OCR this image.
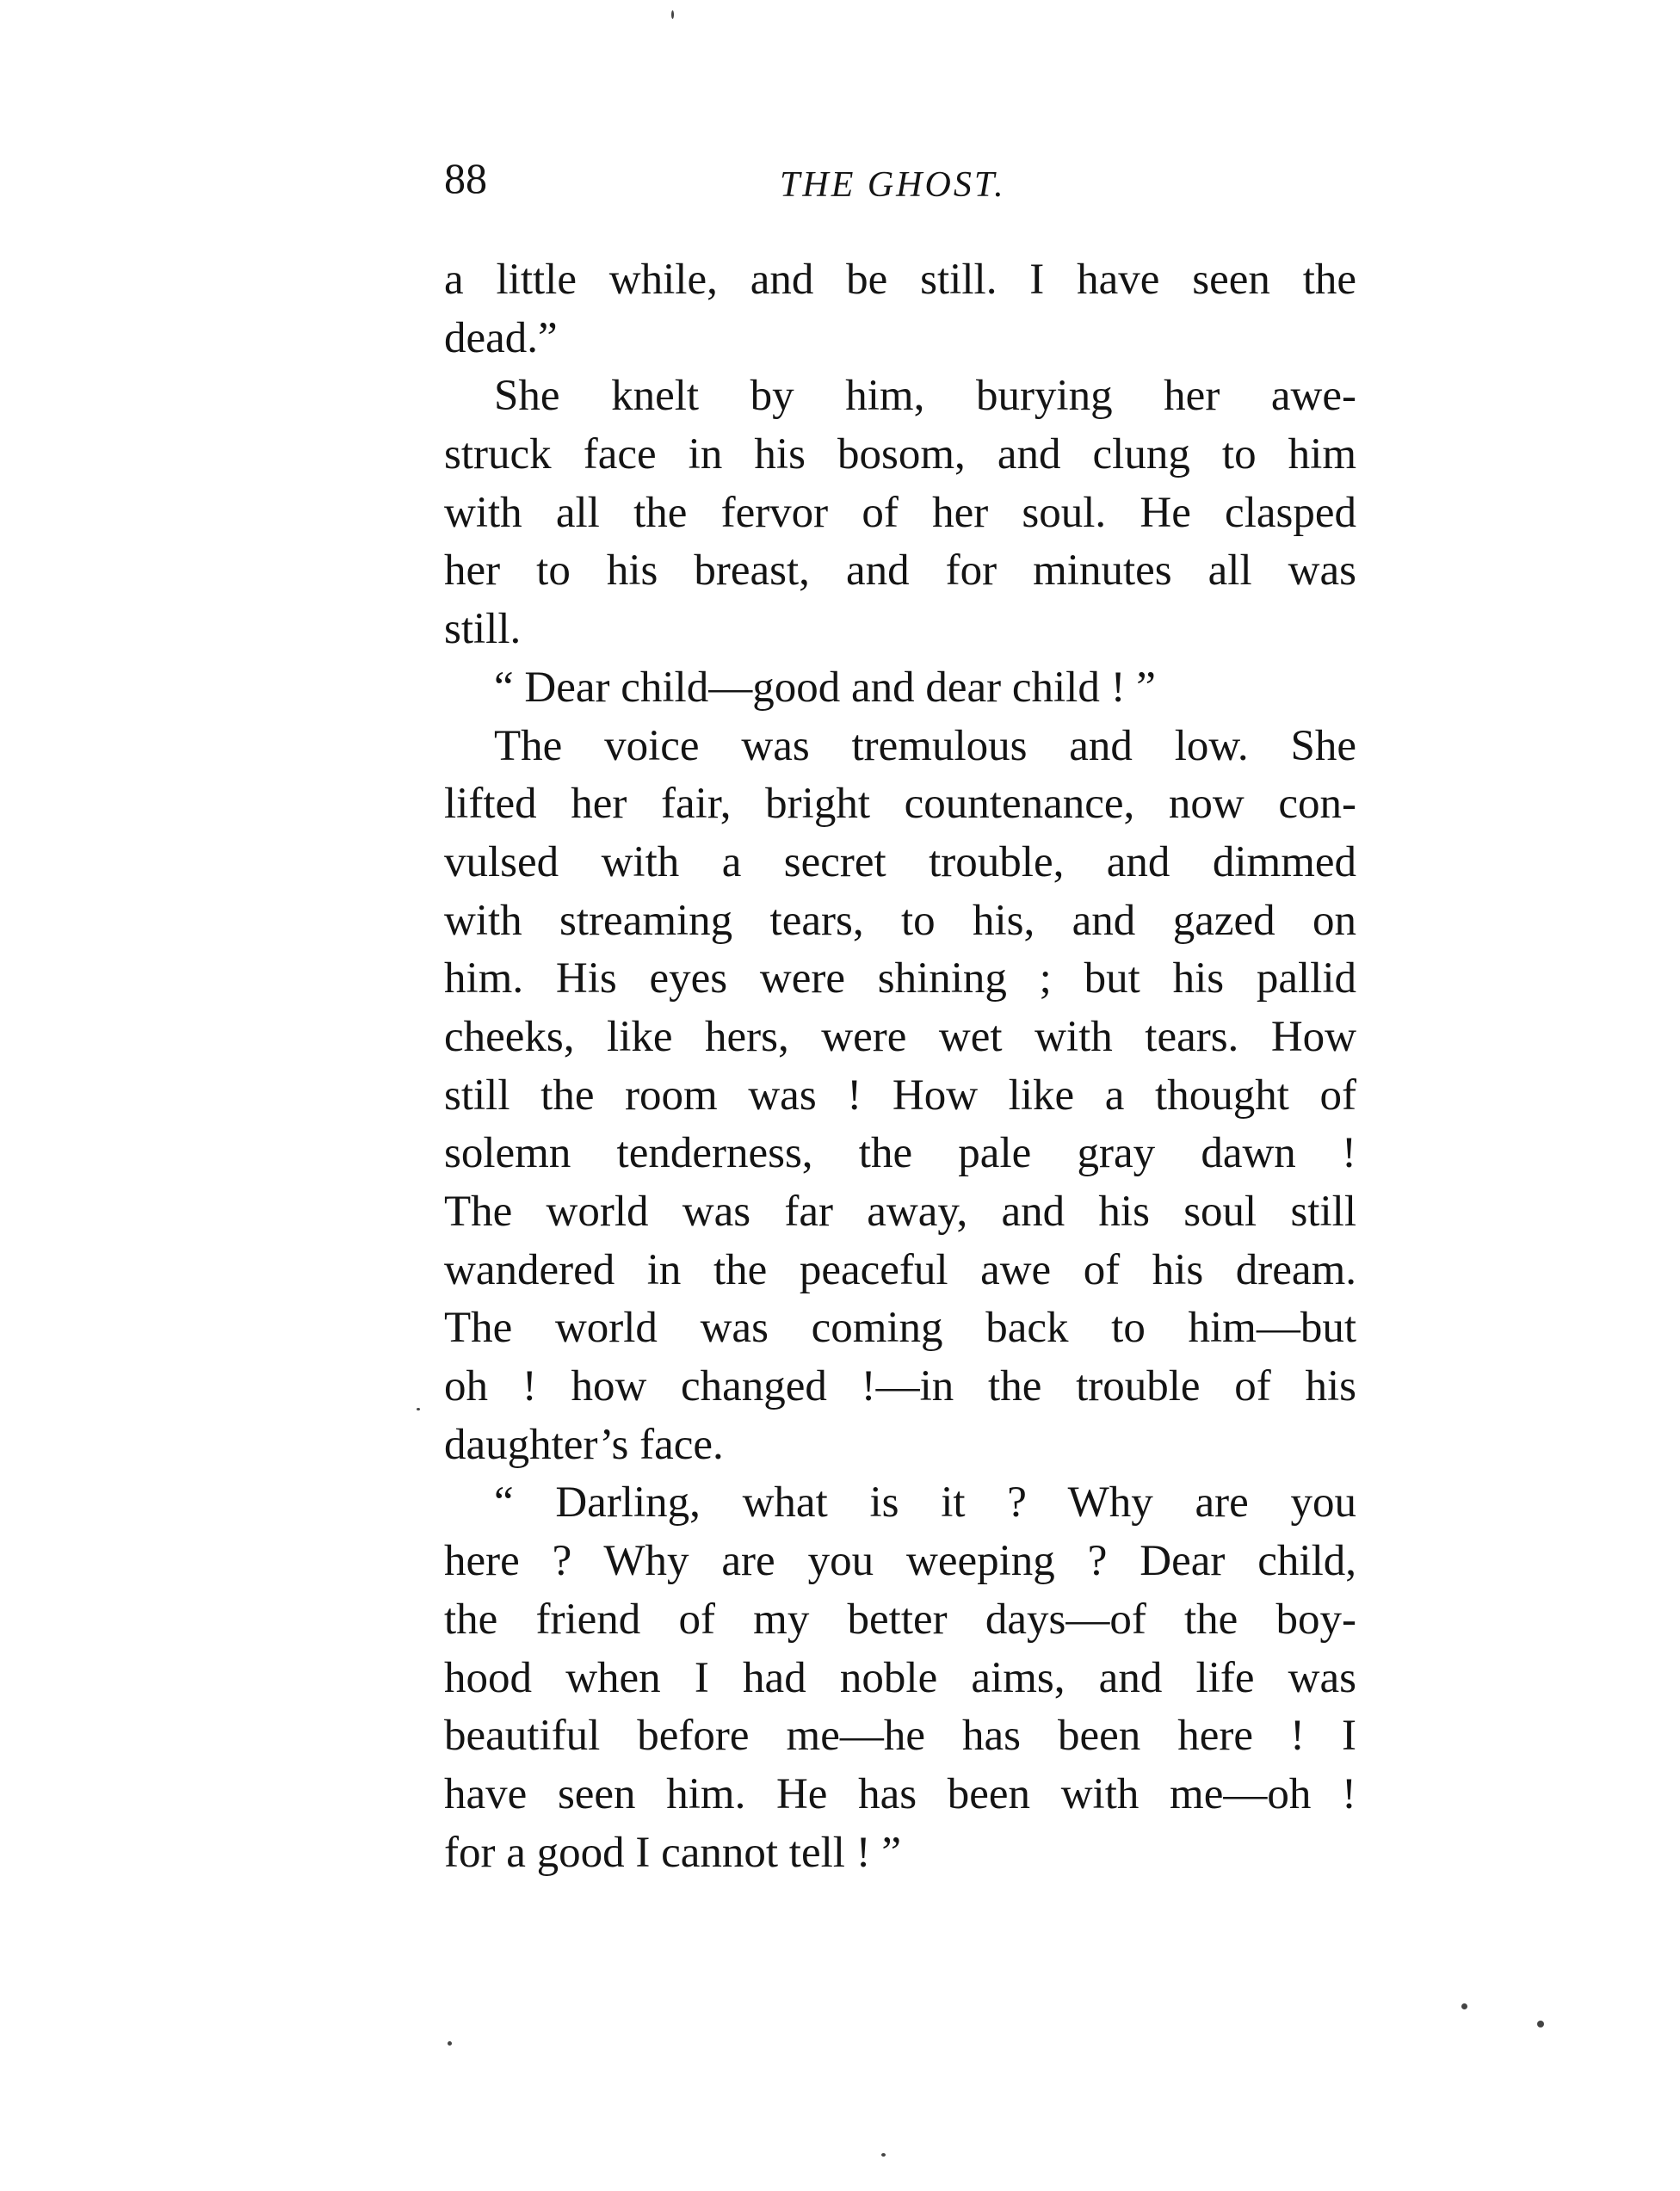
88	THE GHOST.
a little while, and be still. I have seen the
dead.”
She knelt by him, burying her awe-
struck face in his bosom, and clung to him
with all the fervor of her soul. He clasped
her to his breast, and for minutes all was
still.
“ Dear child—good and dear child ! ”
The voice was tremulous and low. She
lifted her fair, bright countenance, now con-
vulsed with a secret trouble, and dimmed
with streaming tears, to his, and gazed on
him. His eyes were shining ; but his pallid
cheeks, like hers, were wet with tears. How
still the room was ! How like a thought of
solemn tenderness, the pale gray dawn !
The world was far away, and his soul still
wandered in the peaceful awe of his dream.
The world was coming back to him—but
oh ! how changed !—in the trouble of his
daughter’s face.
“ Darling, what is it ? Why are you
here ? Why are you weeping ? Dear child,
the friend of my better days—of the boy-
hood when I had noble aims, and life was
beautiful before me—he has been here ! I
have seen him. He has been with me—oh !
for a good I cannot tell ! ”
